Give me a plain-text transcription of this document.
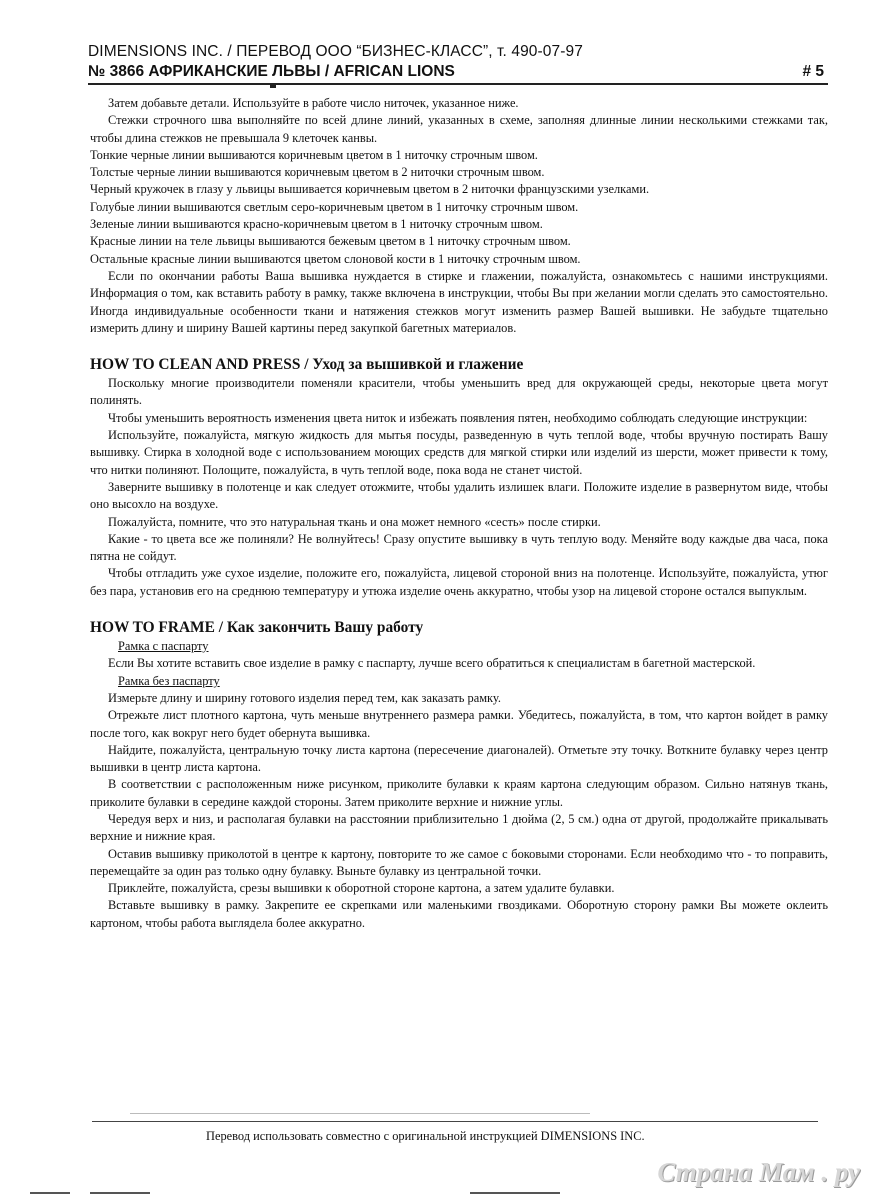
DIMENSIONS INC. / ПЕРЕВОД ООО “БИЗНЕС-КЛАСС”, т. 490-07-97
№ 3866 АФРИКАНСКИЕ ЛЬВЫ / AFRICAN LIONS	# 5

Затем добавьте детали. Используйте в работе число ниточек, указанное ниже.

Стежки строчного шва выполняйте по всей длине линий, указанных в схеме, заполняя длинные линии несколькими стежками так, чтобы длина стежков не превышала 9 клеточек канвы.

Тонкие черные линии вышиваются коричневым цветом в 1 ниточку строчным швом.

Толстые черные линии вышиваются коричневым цветом в 2 ниточки строчным швом.

Черный кружочек в глазу у львицы вышивается коричневым цветом в 2 ниточки французскими узелками.

Голубые линии вышиваются светлым серо-коричневым цветом в 1 ниточку строчным швом.

Зеленые линии вышиваются красно-коричневым цветом в 1 ниточку строчным швом.

Красные линии на теле львицы вышиваются бежевым цветом в 1 ниточку строчным швом.

Остальные красные линии вышиваются цветом слоновой кости в 1 ниточку строчным швом.

Если по окончании работы Ваша вышивка нуждается в стирке и глажении, пожалуйста, ознакомьтесь с нашими инструкциями. Информация о том, как вставить работу в рамку, также включена в инструкции, чтобы Вы при желании могли сделать это самостоятельно. Иногда индивидуальные особенности ткани и натяжения стежков могут изменить размер Вашей вышивки. Не забудьте тщательно измерить длину и ширину Вашей картины перед закупкой багетных материалов.

HOW TO CLEAN AND PRESS / Уход за вышивкой и глажение

Поскольку многие производители поменяли красители, чтобы уменьшить вред для окружающей среды, некоторые цвета могут полинять.

Чтобы уменьшить вероятность изменения цвета ниток и избежать появления пятен, необходимо соблюдать следующие инструкции:

Используйте, пожалуйста, мягкую жидкость для мытья посуды, разведенную в чуть теплой воде, чтобы вручную постирать Вашу вышивку. Стирка в холодной воде с использованием моющих средств для мягкой стирки или изделий из шерсти, может привести к тому, что нитки полиняют. Полощите, пожалуйста, в чуть теплой воде, пока вода не станет чистой.

Заверните вышивку в полотенце и как следует отожмите, чтобы удалить излишек влаги. Положите изделие в развернутом виде, чтобы оно высохло на воздухе.

Пожалуйста, помните, что это натуральная ткань и она может немного «сесть» после стирки.

Какие - то цвета все же полиняли? Не волнуйтесь! Сразу опустите вышивку в чуть теплую воду. Меняйте воду каждые два часа, пока пятна не сойдут.

Чтобы отгладить уже сухое изделие, положите его, пожалуйста, лицевой стороной вниз на полотенце. Используйте, пожалуйста, утюг без пара, установив его на среднюю температуру и утюжа изделие очень аккуратно, чтобы узор на лицевой стороне остался выпуклым.

HOW TO FRAME / Как закончить Вашу работу

Рамка с паспарту

Если Вы хотите вставить свое изделие в рамку с паспарту, лучше всего обратиться к специалистам в багетной мастерской.

Рамка без паспарту

Измерьте длину и ширину готового изделия перед тем, как заказать рамку.

Отрежьте лист плотного картона, чуть меньше внутреннего размера рамки. Убедитесь, пожалуйста, в том, что картон войдет в рамку после того, как вокруг него будет обернута вышивка.

Найдите, пожалуйста, центральную точку листа картона (пересечение диагоналей). Отметьте эту точку. Воткните булавку через центр вышивки в центр листа картона.

В соответствии с расположенным ниже рисунком, приколите булавки к краям картона следующим образом. Сильно натянув ткань, приколите булавки в середине каждой стороны. Затем приколите верхние и нижние углы.

Чередуя верх и низ, и располагая булавки на расстоянии приблизительно 1 дюйма (2, 5 см.) одна от другой, продолжайте прикалывать верхние и нижние края.

Оставив вышивку приколотой в центре к картону, повторите то же самое с боковыми сторонами. Если необходимо что - то поправить, перемещайте за один раз только одну булавку. Выньте булавку из центральной точки.

Приклейте, пожалуйста, срезы вышивки к оборотной стороне картона, а затем удалите булавки.

Вставьте вышивку в рамку. Закрепите ее скрепками или маленькими гвоздиками. Оборотную сторону рамки Вы можете оклеить картоном, чтобы работа выглядела более аккуратно.

Перевод использовать совместно с оригинальной инструкцией DIMENSIONS INC.
Страна Мам . ру
